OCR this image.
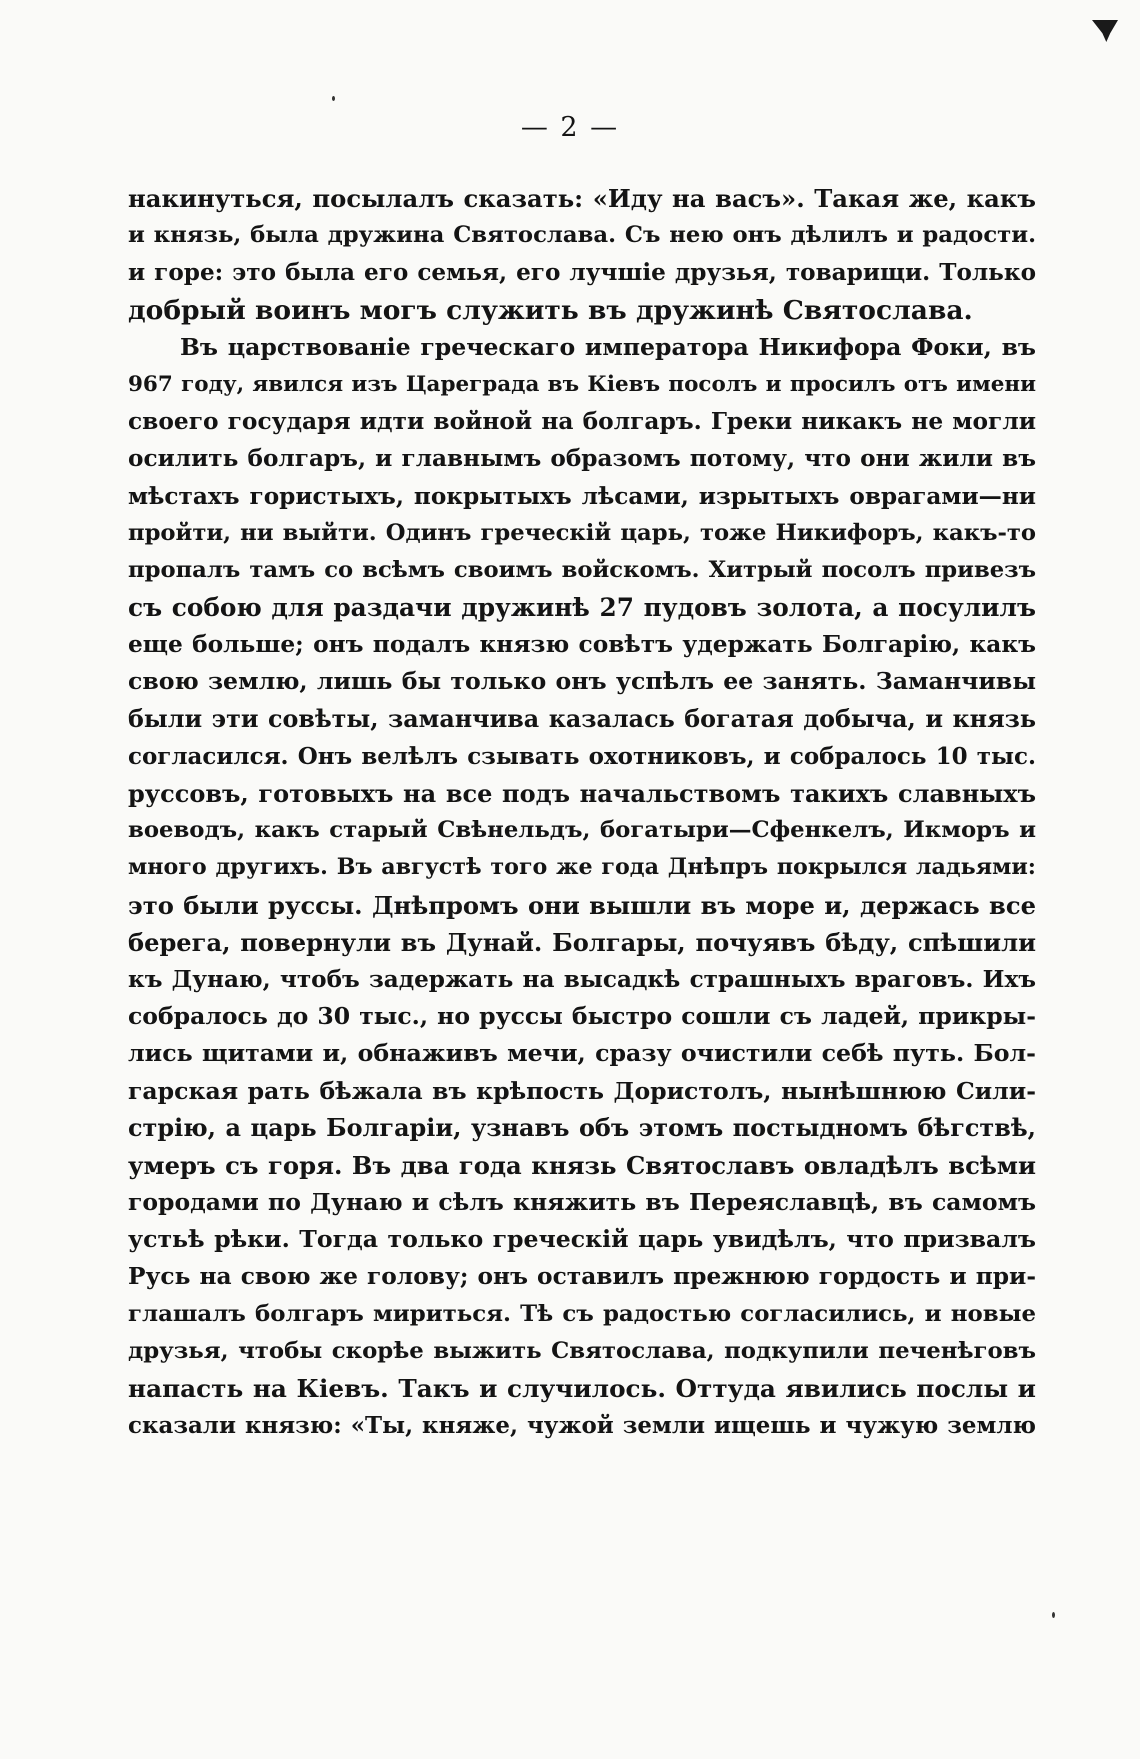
— 2 —
накинуться, посылалъ сказать: «Иду на васъ». Такая же, какъ
и князь, была дружина Святослава. Съ нею онъ дѣлилъ и радости.
и горе: это была его семья, его лучшіе друзья, товарищи. Только
добрый воинъ могъ служить въ дружинѣ Святослава.
Въ царствованіе греческаго императора Никифора Фоки, въ
967 году, явился изъ Цареграда въ Кіевъ посолъ и просилъ отъ имени
своего государя идти войной на болгаръ. Греки никакъ не могли
осилить болгаръ, и главнымъ образомъ потому, что они жили въ
мѣстахъ гористыхъ, покрытыхъ лѣсами, изрытыхъ оврагами—ни
пройти, ни выйти. Одинъ греческій царь, тоже Никифоръ, какъ-то
пропалъ тамъ со всѣмъ своимъ войскомъ. Хитрый посолъ привезъ
съ собою для раздачи дружинѣ 27 пудовъ золота, а посулилъ
еще больше; онъ подалъ князю совѣтъ удержать Болгарію, какъ
свою землю, лишь бы только онъ успѣлъ ее занять. Заманчивы
были эти совѣты, заманчива казалась богатая добыча, и князь
согласился. Онъ велѣлъ сзывать охотниковъ, и собралось 10 тыс.
руссовъ, готовыхъ на все подъ начальствомъ такихъ славныхъ
воеводъ, какъ старый Свѣнельдъ, богатыри—Сфенкелъ, Икморъ и
много другихъ. Въ августѣ того же года Днѣпръ покрылся ладьями:
это были руссы. Днѣпромъ они вышли въ море и, держась все
берега, повернули въ Дунай. Болгары, почуявъ бѣду, спѣшили
къ Дунаю, чтобъ задержать на высадкѣ страшныхъ враговъ. Ихъ
собралось до 30 тыс., но руссы быстро сошли съ ладей, прикры-
лись щитами и, обнаживъ мечи, сразу очистили себѣ путь. Бол-
гарская рать бѣжала въ крѣпость Дористолъ, нынѣшнюю Сили-
стрію, а царь Болгаріи, узнавъ объ этомъ постыдномъ бѣгствѣ,
умеръ съ горя. Въ два года князь Святославъ овладѣлъ всѣми
городами по Дунаю и сѣлъ княжить въ Переяславцѣ, въ самомъ
устьѣ рѣки. Тогда только греческій царь увидѣлъ, что призвалъ
Русь на свою же голову; онъ оставилъ прежнюю гордость и при-
глашалъ болгаръ мириться. Тѣ съ радостью согласились, и новые
друзья, чтобы скорѣе выжить Святослава, подкупили печенѣговъ
напасть на Кіевъ. Такъ и случилось. Оттуда явились послы и
сказали князю: «Ты, княже, чужой земли ищешь и чужую землю
